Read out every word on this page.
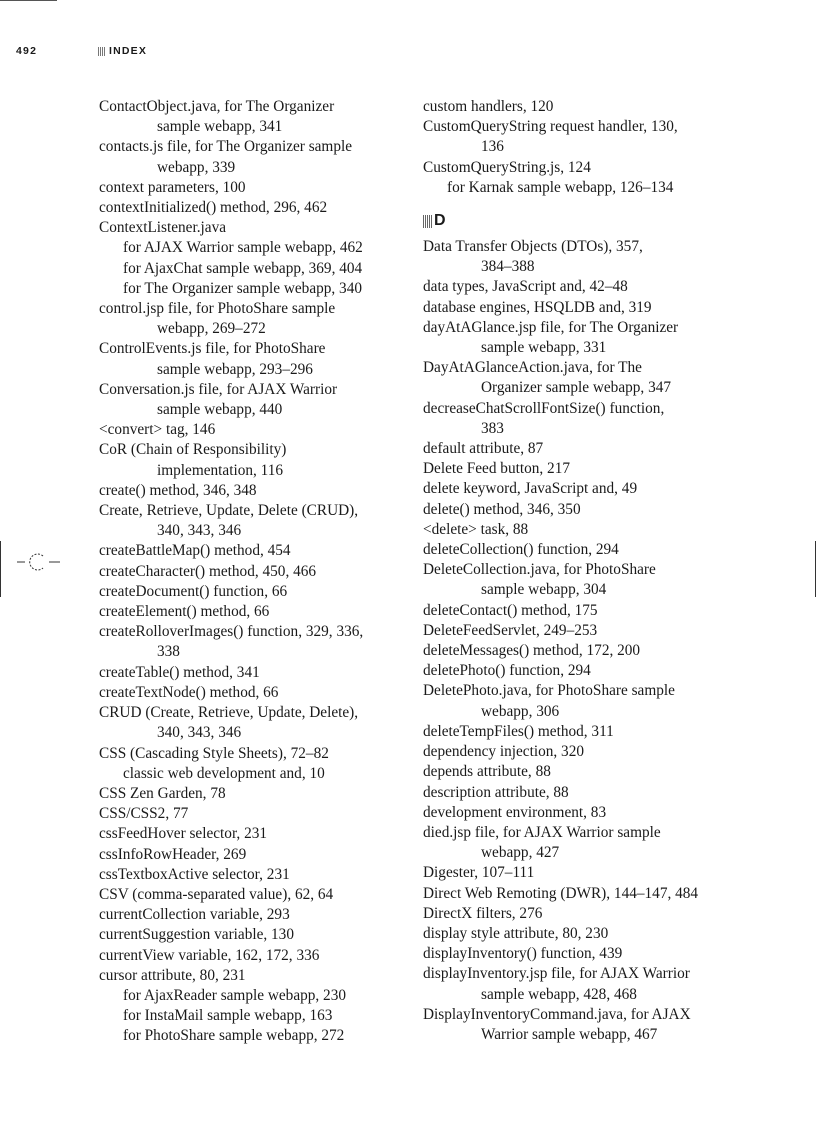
492	INDEX
ContactObject.java, for The Organizer
sample webapp, 341
contacts.js file, for The Organizer sample
webapp, 339
context parameters, 100
contextInitialized() method, 296, 462
ContextListener.java
for AJAX Warrior sample webapp, 462
for AjaxChat sample webapp, 369, 404
for The Organizer sample webapp, 340
control.jsp file, for PhotoShare sample
webapp, 269–272
ControlEvents.js file, for PhotoShare
sample webapp, 293–296
Conversation.js file, for AJAX Warrior
sample webapp, 440
<convert> tag, 146
CoR (Chain of Responsibility)
implementation, 116
create() method, 346, 348
Create, Retrieve, Update, Delete (CRUD),
340, 343, 346
createBattleMap() method, 454
createCharacter() method, 450, 466
createDocument() function, 66
createElement() method, 66
createRolloverImages() function, 329, 336,
338
createTable() method, 341
createTextNode() method, 66
CRUD (Create, Retrieve, Update, Delete),
340, 343, 346
CSS (Cascading Style Sheets), 72–82
classic web development and, 10
CSS Zen Garden, 78
CSS/CSS2, 77
cssFeedHover selector, 231
cssInfoRowHeader, 269
cssTextboxActive selector, 231
CSV (comma-separated value), 62, 64
currentCollection variable, 293
currentSuggestion variable, 130
currentView variable, 162, 172, 336
cursor attribute, 80, 231
for AjaxReader sample webapp, 230
for InstaMail sample webapp, 163
for PhotoShare sample webapp, 272
custom handlers, 120
CustomQueryString request handler, 130,
136
CustomQueryString.js, 124
for Karnak sample webapp, 126–134
D
Data Transfer Objects (DTOs), 357,
384–388
data types, JavaScript and, 42–48
database engines, HSQLDB and, 319
dayAtAGlance.jsp file, for The Organizer
sample webapp, 331
DayAtAGlanceAction.java, for The
Organizer sample webapp, 347
decreaseChatScrollFontSize() function,
383
default attribute, 87
Delete Feed button, 217
delete keyword, JavaScript and, 49
delete() method, 346, 350
<delete> task, 88
deleteCollection() function, 294
DeleteCollection.java, for PhotoShare
sample webapp, 304
deleteContact() method, 175
DeleteFeedServlet, 249–253
deleteMessages() method, 172, 200
deletePhoto() function, 294
DeletePhoto.java, for PhotoShare sample
webapp, 306
deleteTempFiles() method, 311
dependency injection, 320
depends attribute, 88
description attribute, 88
development environment, 83
died.jsp file, for AJAX Warrior sample
webapp, 427
Digester, 107–111
Direct Web Remoting (DWR), 144–147, 484
DirectX filters, 276
display style attribute, 80, 230
displayInventory() function, 439
displayInventory.jsp file, for AJAX Warrior
sample webapp, 428, 468
DisplayInventoryCommand.java, for AJAX
Warrior sample webapp, 467
